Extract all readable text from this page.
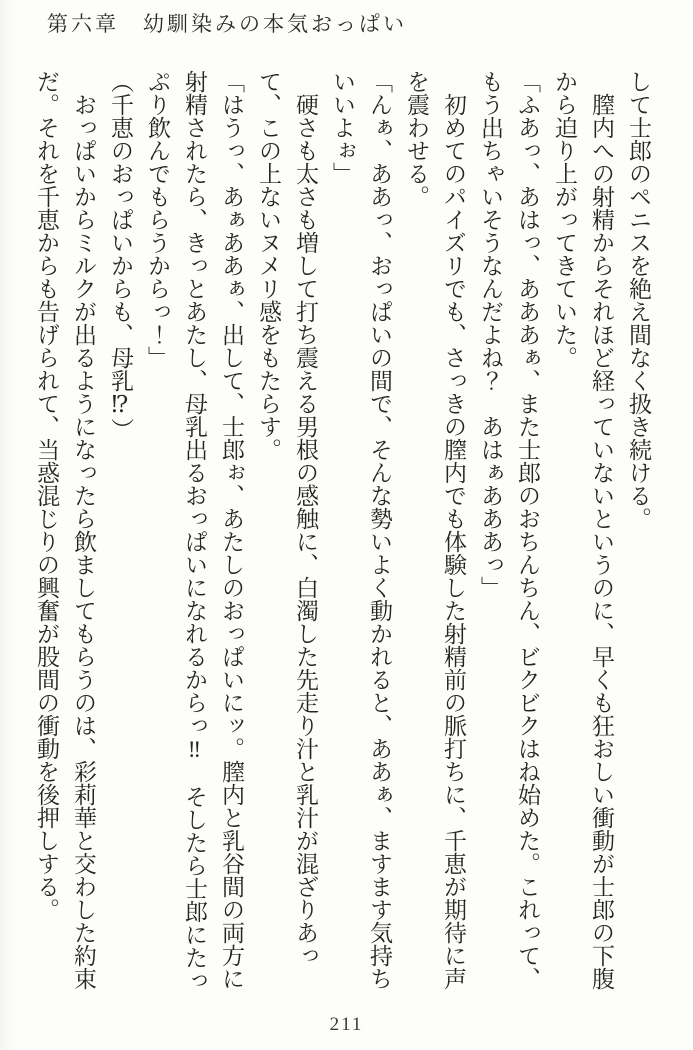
第六章　幼馴染みの本気おっぱい

して士郎のペニスを絶え間なく扱き続ける。

膣内への射精からそれほど経っていないというのに、早くも狂おしい衝動が士郎の下腹から迫り上がってきていた。

「ふあっ、あはっ、あああぁ、また士郎のおちんちん、ビクビクはね始めた。これって、もう出ちゃいそうなんだよね？　あはぁあああっ」

初めてのパイズリでも、さっきの膣内でも体験した射精前の脈打ちに、千恵が期待に声を震わせる。

「んぁ、ああっ、おっぱいの間で、そんな勢いよく動かれると、ああぁ、ますます気持ちいいよぉ」

硬さも太さも増して打ち震える男根の感触に、白濁した先走り汁と乳汁が混ざりあって、この上ないヌメリ感をもたらす。

「はうっ、あぁああぁ、出して、士郎ぉ、あたしのおっぱいにッ。膣内と乳谷間の両方に射精されたら、きっとあたし、母乳出るおっぱいになれるからっ‼　そしたら士郎にたっぷり飲んでもらうからっ！」

（千恵のおっぱいからも、母乳⁉）

おっぱいからミルクが出るようになったら飲ましてもらうのは、彩莉華と交わした約束だ。それを千恵からも告げられて、当惑混じりの興奮が股間の衝動を後押しする。

211
